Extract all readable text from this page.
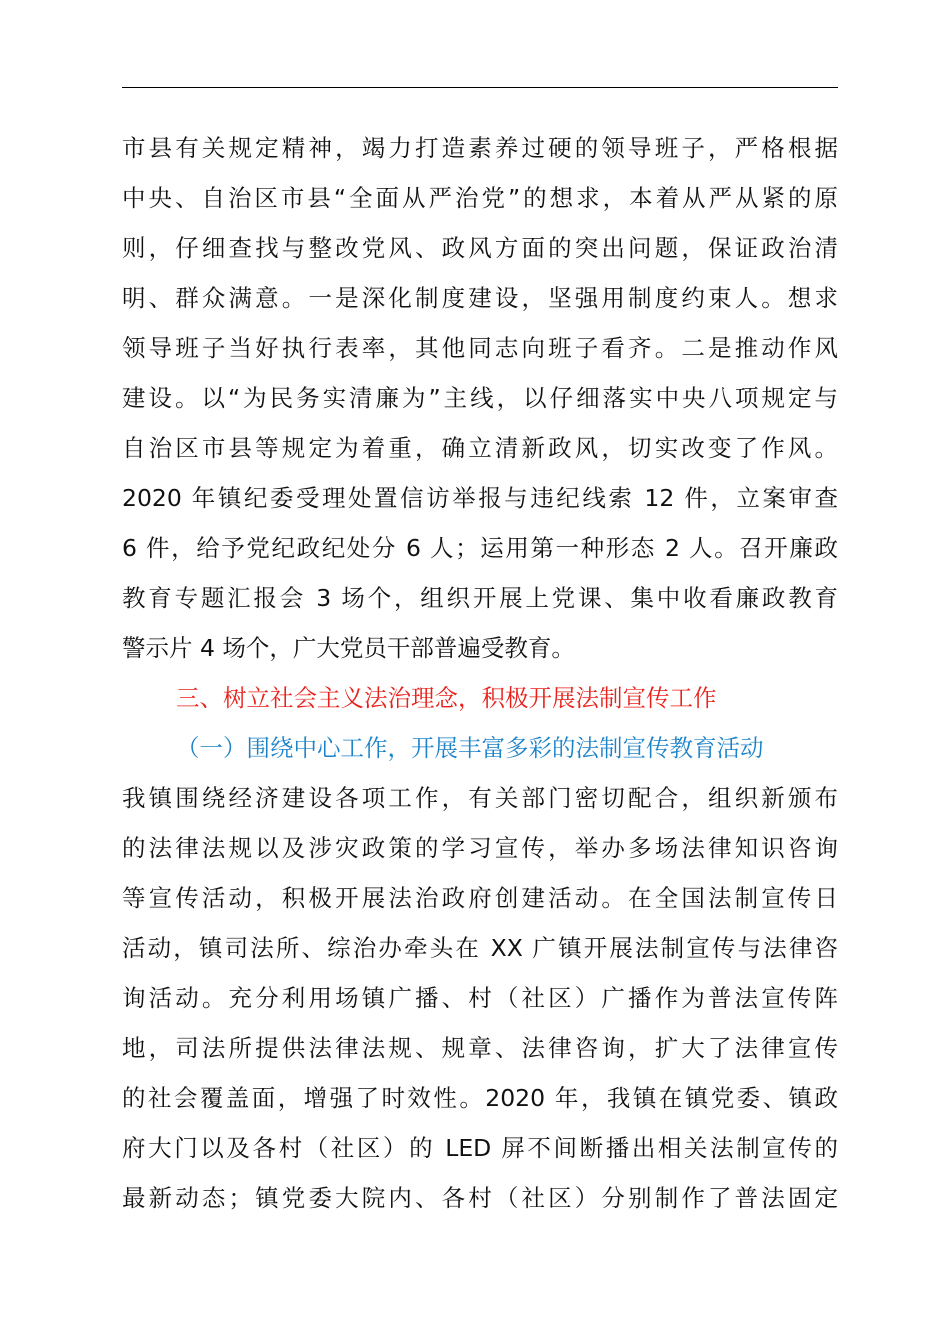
市县有关规定精神，竭力打造素养过硬的领导班子，严格根据
中央、自治区市县“全面从严治党”的想求，本着从严从紧的原
则，仔细查找与整改党风、政风方面的突出问题，保证政治清
明、群众满意。一是深化制度建设，坚强用制度约束人。想求
领导班子当好执行表率，其他同志向班子看齐。二是推动作风
建设。以“为民务实清廉为”主线，以仔细落实中央八项规定与
自治区市县等规定为着重，确立清新政风，切实改变了作风。
2020 年镇纪委受理处置信访举报与违纪线索 12 件，立案审查
6 件，给予党纪政纪处分 6 人；运用第一种形态 2 人。召开廉政
教育专题汇报会 3 场个，组织开展上党课、集中收看廉政教育
警示片 4 场个，广大党员干部普遍受教育。
三、树立社会主义法治理念，积极开展法制宣传工作
（一）围绕中心工作，开展丰富多彩的法制宣传教育活动
我镇围绕经济建设各项工作，有关部门密切配合，组织新颁布
的法律法规以及涉灾政策的学习宣传，举办多场法律知识咨询
等宣传活动，积极开展法治政府创建活动。在全国法制宣传日
活动，镇司法所、综治办牵头在 XX 广镇开展法制宣传与法律咨
询活动。充分利用场镇广播、村（社区）广播作为普法宣传阵
地，司法所提供法律法规、规章、法律咨询，扩大了法律宣传
的社会覆盖面，增强了时效性。2020 年，我镇在镇党委、镇政
府大门以及各村（社区）的 LED 屏不间断播出相关法制宣传的
最新动态；镇党委大院内、各村（社区）分别制作了普法固定
